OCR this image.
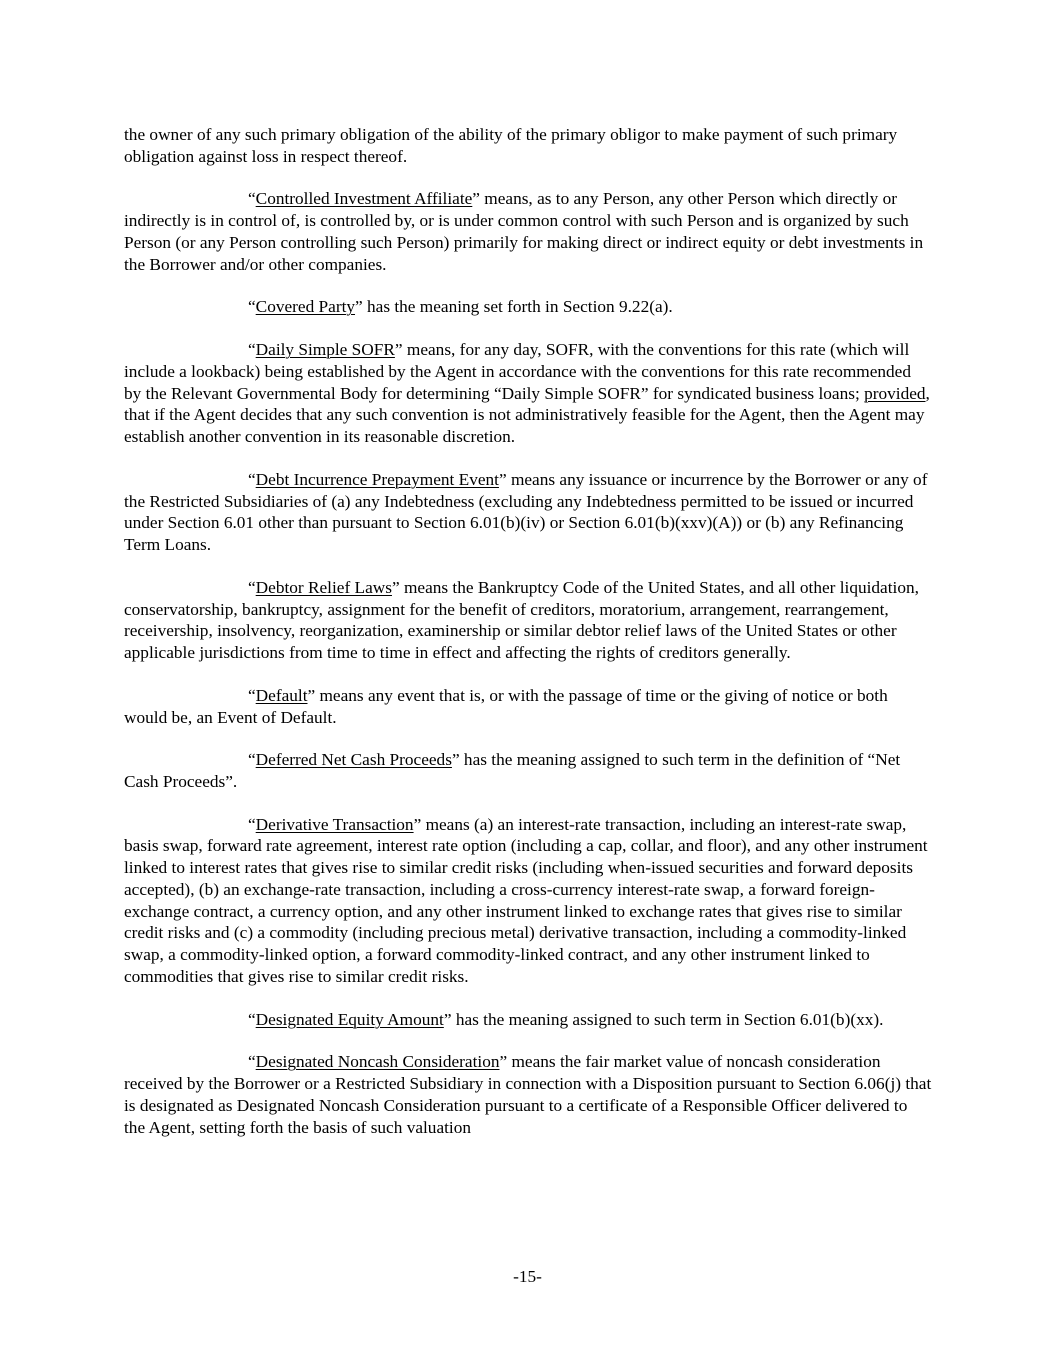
the owner of any such primary obligation of the ability of the primary obligor to make payment of such primary obligation against loss in respect thereof.

“Controlled Investment Affiliate” means, as to any Person, any other Person which directly or indirectly is in control of, is controlled by, or is under common control with such Person and is organized by such Person (or any Person controlling such Person) primarily for making direct or indirect equity or debt investments in the Borrower and/or other companies.

“Covered Party” has the meaning set forth in Section 9.22(a).

“Daily Simple SOFR” means, for any day, SOFR, with the conventions for this rate (which will include a lookback) being established by the Agent in accordance with the conventions for this rate recommended by the Relevant Governmental Body for determining “Daily Simple SOFR” for syndicated business loans; provided, that if the Agent decides that any such convention is not administratively feasible for the Agent, then the Agent may establish another convention in its reasonable discretion.

“Debt Incurrence Prepayment Event” means any issuance or incurrence by the Borrower or any of the Restricted Subsidiaries of (a) any Indebtedness (excluding any Indebtedness permitted to be issued or incurred under Section 6.01 other than pursuant to Section 6.01(b)(iv) or Section 6.01(b)(xxv)(A)) or (b) any Refinancing Term Loans.

“Debtor Relief Laws” means the Bankruptcy Code of the United States, and all other liquidation, conservatorship, bankruptcy, assignment for the benefit of creditors, moratorium, arrangement, rearrangement, receivership, insolvency, reorganization, examinership or similar debtor relief laws of the United States or other applicable jurisdictions from time to time in effect and affecting the rights of creditors generally.

“Default” means any event that is, or with the passage of time or the giving of notice or both would be, an Event of Default.

“Deferred Net Cash Proceeds” has the meaning assigned to such term in the definition of “Net Cash Proceeds”.

“Derivative Transaction” means (a) an interest-rate transaction, including an interest-rate swap, basis swap, forward rate agreement, interest rate option (including a cap, collar, and floor), and any other instrument linked to interest rates that gives rise to similar credit risks (including when-issued securities and forward deposits accepted), (b) an exchange-rate transaction, including a cross-currency interest-rate swap, a forward foreign-exchange contract, a currency option, and any other instrument linked to exchange rates that gives rise to similar credit risks and (c) a commodity (including precious metal) derivative transaction, including a commodity-linked swap, a commodity-linked option, a forward commodity-linked contract, and any other instrument linked to commodities that gives rise to similar credit risks.

“Designated Equity Amount” has the meaning assigned to such term in Section 6.01(b)(xx).

“Designated Noncash Consideration” means the fair market value of noncash consideration received by the Borrower or a Restricted Subsidiary in connection with a Disposition pursuant to Section 6.06(j) that is designated as Designated Noncash Consideration pursuant to a certificate of a Responsible Officer delivered to the Agent, setting forth the basis of such valuation

-15-
